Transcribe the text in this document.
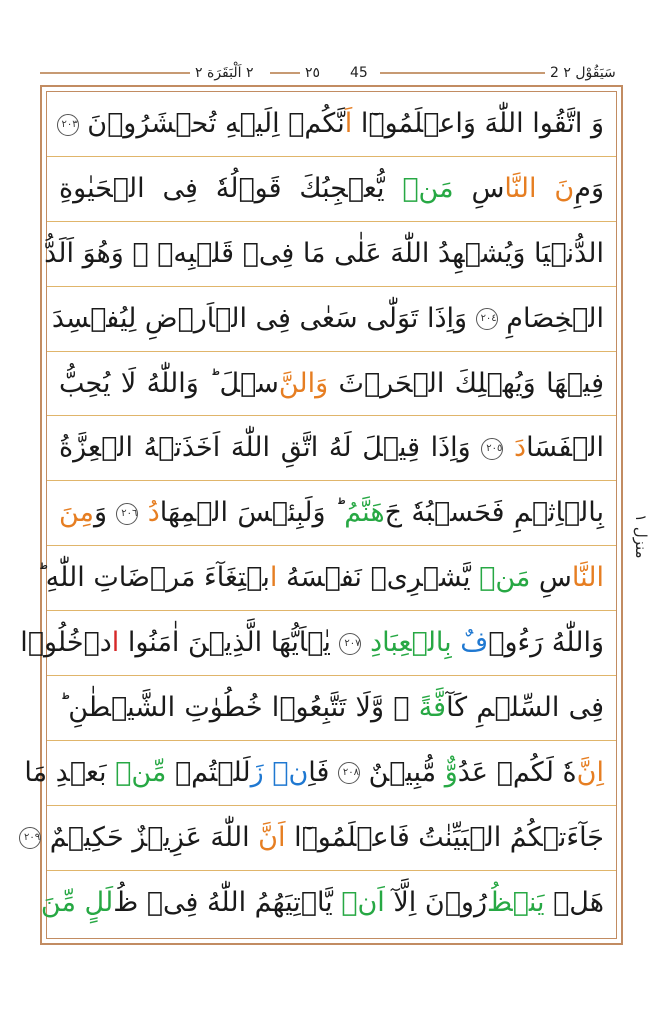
٢ اَلْبَقَرَة ٢	٢٥ 45	2 سَيَقُوْل ٢
منزل ١
وَ اتَّقُوا اللّٰهَ وَاعۡلَمُوۡٓا اَنَّكُمۡ اِلَيۡهِ تُحۡشَرُوۡنَ ٢٠٣
وَمِنَ النَّاسِ مَنۡ يُّعۡجِبُكَ قَوۡلُهٗ فِى الۡحَيٰوةِ
الدُّنۡيَا وَيُشۡهِدُ اللّٰهَ عَلٰى مَا فِىۡ قَلۡبِهٖ ۙ وَهُوَ اَلَدُّ
الۡخِصَامِ ٢٠٤ وَاِذَا تَوَلّٰى سَعٰى فِى الۡاَرۡضِ لِيُفۡسِدَ
فِيۡهَا وَيُهۡلِكَ الۡحَرۡثَ وَالنَّسۡلَ ؕ وَاللّٰهُ لَا يُحِبُّ
الۡفَسَادَ ٢٠٥ وَاِذَا قِيۡلَ لَهُ اتَّقِ اللّٰهَ اَخَذَتۡهُ الۡعِزَّةُ
بِالۡاِثۡمِ فَحَسۡبُهٗ جَهَنَّمُ ؕ وَلَبِئۡسَ الۡمِهَادُ ٢٠٦ وَمِنَ
النَّاسِ مَنۡ يَّشۡرِىۡ نَفۡسَهُ ابۡتِغَآءَ مَرۡضَاتِ اللّٰهِ ؕ
وَاللّٰهُ رَءُوۡفٌ بِالۡعِبَادِ ٢٠٧ يٰۤاَيُّهَا الَّذِيۡنَ اٰمَنُوا ادۡخُلُوۡا
فِى السِّلۡمِ كَآفَّةً ۖ وَّلَا تَتَّبِعُوۡا خُطُوٰتِ الشَّيۡطٰنِ ؕ
اِنَّهٗ لَكُمۡ عَدُوٌّ مُّبِيۡنٌ ٢٠٨ فَاِنۡ زَلَلۡتُمۡ مِّنۡ بَعۡدِ مَا
جَآءَتۡكُمُ الۡبَيِّنٰتُ فَاعۡلَمُوۡٓا اَنَّ اللّٰهَ عَزِيۡزٌ حَكِيۡمٌ ٢٠٩
هَلۡ يَنۡظُرُوۡنَ اِلَّآ اَنۡ يَّاۡتِيَهُمُ اللّٰهُ فِىۡ ظُلَلٍ مِّنَ
